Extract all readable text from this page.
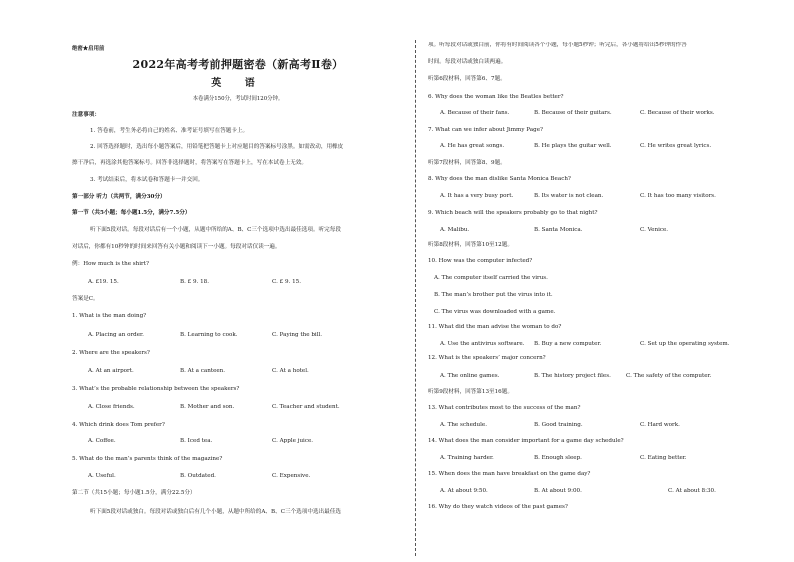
绝密★启用前
2022年高考考前押题密卷（新高考Ⅱ卷）
英 语
本卷满分150分，考试时间120分钟。
注意事项：
1. 答卷前，考生务必将自己的姓名、准考证号填写在答题卡上。
2. 回答选择题时，选出每小题答案后，用铅笔把答题卡上对应题目的答案标号涂黑。如需改动，用橡皮
擦干净后，再选涂其他答案标号。回答非选择题时，将答案写在答题卡上，写在本试卷上无效。
3. 考试结束后，将本试卷和答题卡一并交回。
第一部分 听力（共两节，满分30分）
第一节（共5小题；每小题1.5分，满分7.5分）
听下面5段对话。每段对话后有一个小题，从题中所给的A、B、C三个选项中选出最佳选项。听完每段
对话后，你都有10秒钟的时间来回答有关小题和阅读下一小题。每段对话仅读一遍。
例：How much is the shirt?
A. £19. 15.	B. £ 9. 18.	C. £ 9. 15.
答案是C。
1. What is the man doing?
A. Placing an order.	B. Learning to cook.	C. Paying the bill.
2. Where are the speakers?
A. At an airport.	B. At a canteen.	C. At a hotel.
3. What’s the probable relationship between the speakers?
A. Close friends.	B. Mother and son.	C. Teacher and student.
4. Which drink does Tom prefer?
A. Coffee.	B. Iced tea.	C. Apple juice.
5. What do the man’s parents think of the magazine?
A. Useful.	B. Outdated.	C. Expensive.
第二节（共15小题；每小题1.5分，满分22.5分）
听下面5段对话或独白。每段对话或独白后有几个小题，从题中所给的A、B、C三个选项中选出最佳选
项。听每段对话或独白前，你将有时间阅读各个小题，每小题5秒钟；听完后，各小题将给出5秒钟的作答
时间。每段对话或独白读两遍。
听第6段材料，回答第6、7题。
6. Why does the woman like the Beatles better?
A. Because of their fans.	B. Because of their guitars.	C. Because of their works.
7. What can we infer about Jimmy Page?
A. He has great songs.	B. He plays the guitar well.	C. He writes great lyrics.
听第7段材料，回答第8、9题。
8. Why does the man dislike Santa Monica Beach?
A. It has a very busy port.	B. Its water is not clean.	C. It has too many visitors.
9. Which beach will the speakers probably go to that night?
A. Malibu.	B. Santa Monica.	C. Venice.
听第8段材料，回答第10至12题。
10. How was the computer infected?
A. The computer itself carried the virus.
B. The man’s brother put the virus into it.
C. The virus was downloaded with a game.
11. What did the man advise the woman to do?
A. Use the antivirus software. B. Buy a new computer.	C. Set up the operating system.
12. What is the speakers’ major concern?
A. The online games.	B. The history project files.	C. The safety of the computer.
听第9段材料，回答第13至16题。
13. What contributes most to the success of the man?
A. The schedule.	B. Good training.	C. Hard work.
14. What does the man consider important for a game day schedule?
A. Training harder.	B. Enough sleep.	C. Eating better.
15. When does the man have breakfast on the game day?
A. At about 9:50.	B. At about 9:00.	C. At about 8:30.
16. Why do they watch videos of the past games?
